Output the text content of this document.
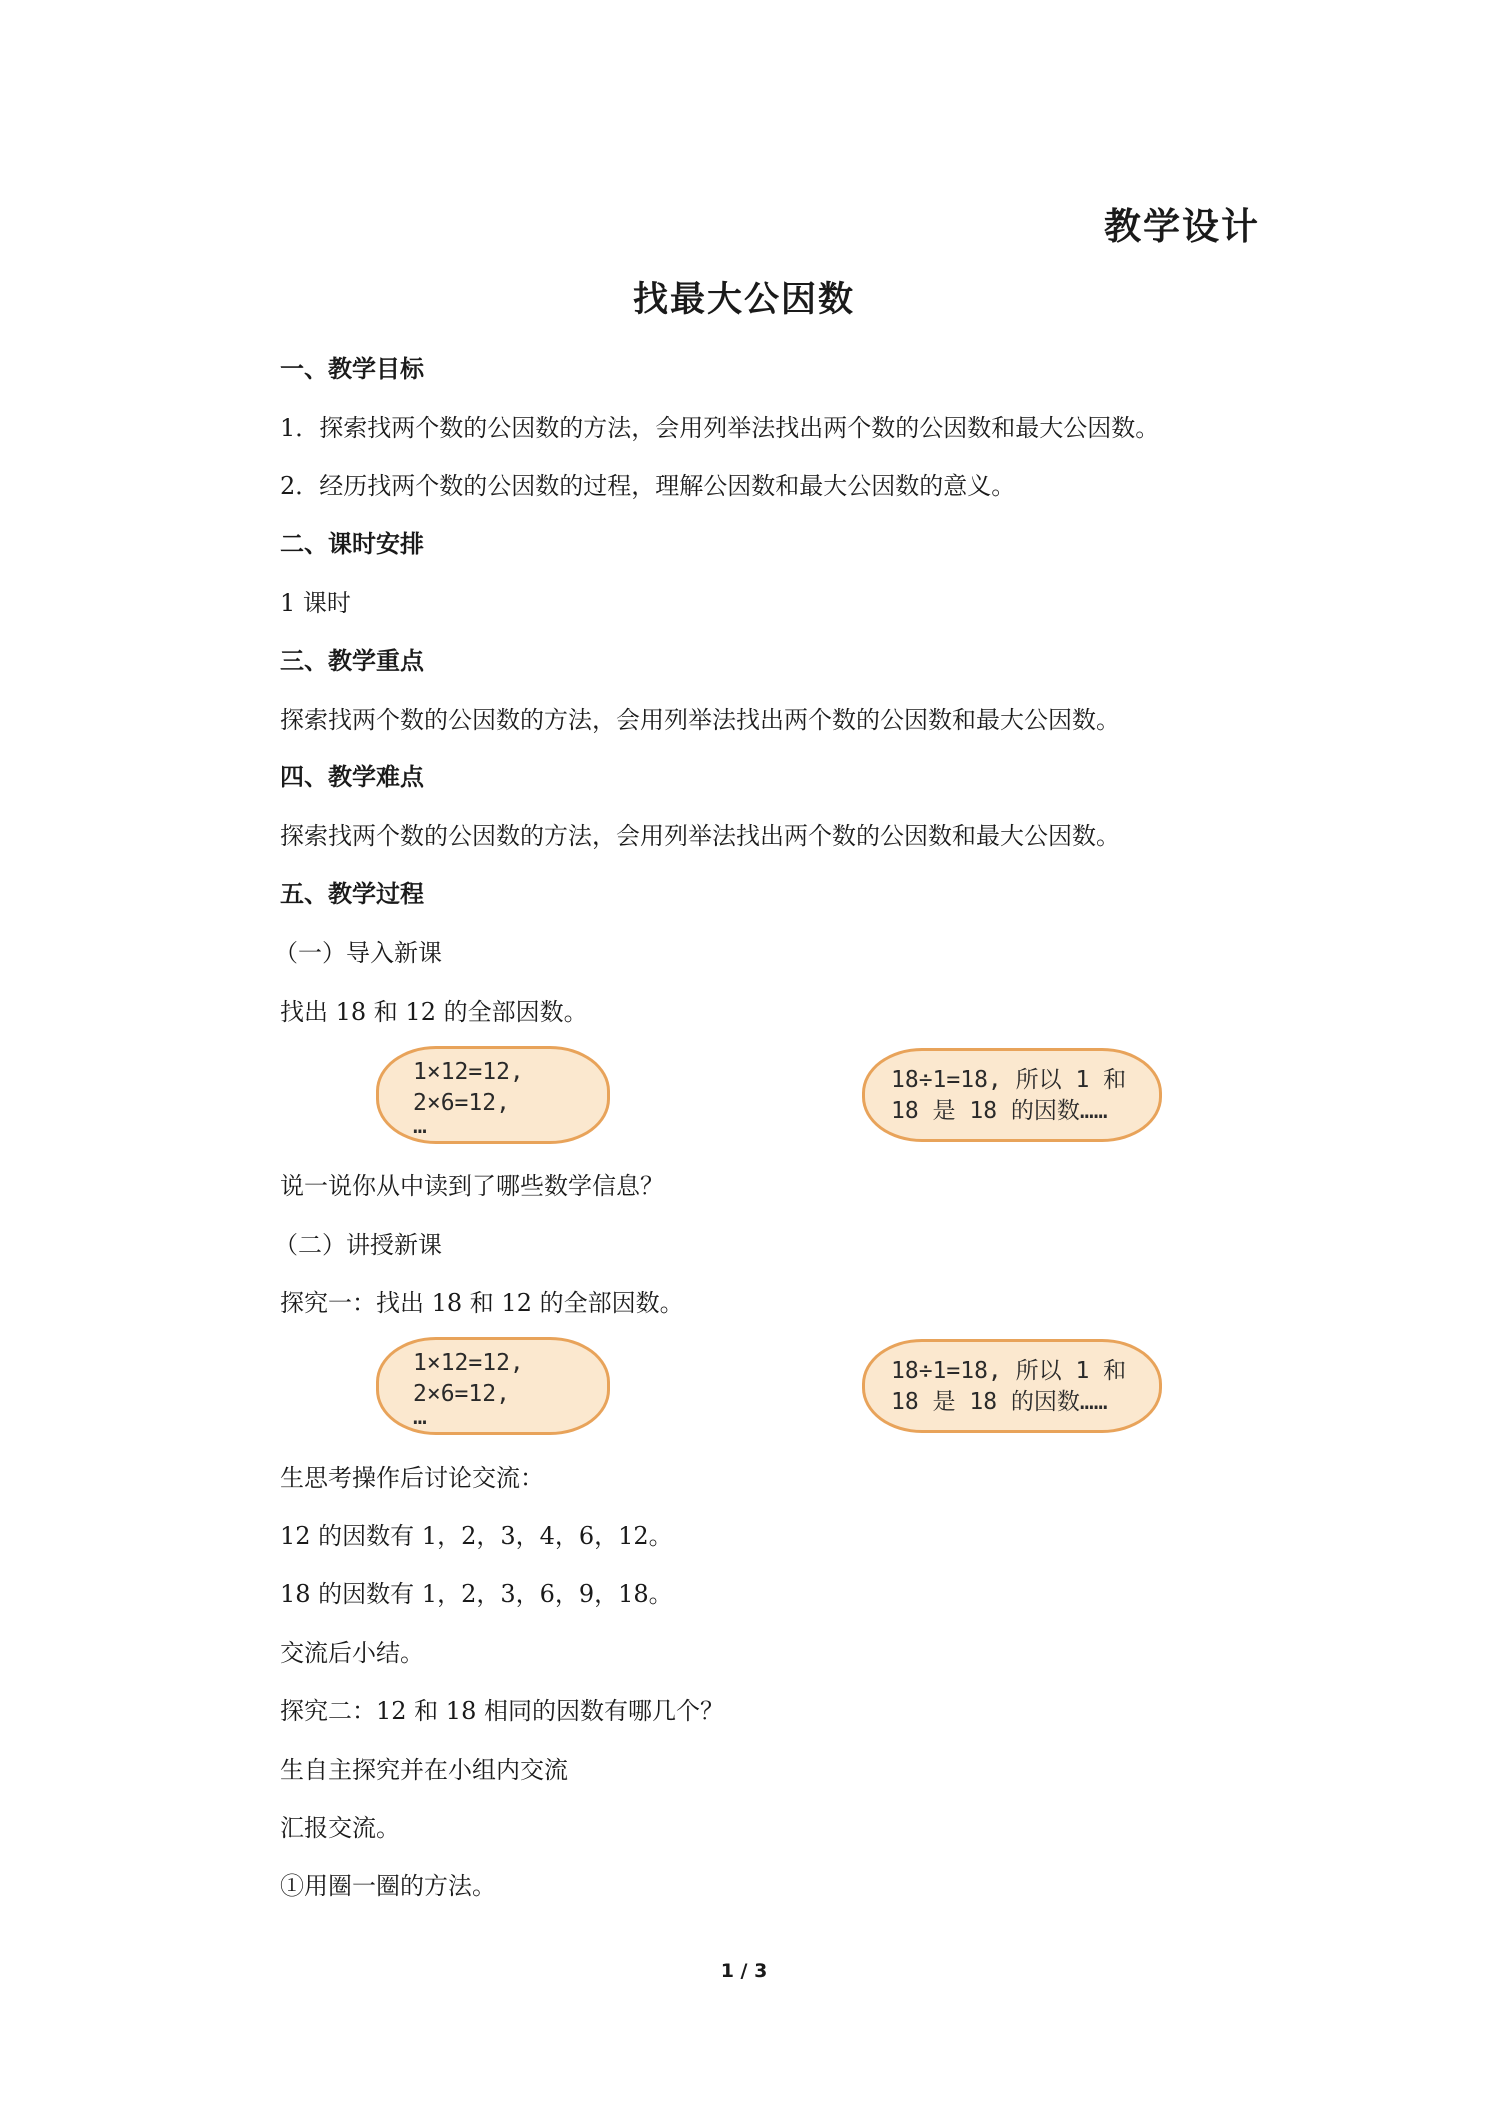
教学设计
找最大公因数
一、教学目标
1．探索找两个数的公因数的方法，会用列举法找出两个数的公因数和最大公因数。
2．经历找两个数的公因数的过程，理解公因数和最大公因数的意义。
二、课时安排
1 课时
三、教学重点
探索找两个数的公因数的方法，会用列举法找出两个数的公因数和最大公因数。
四、教学难点
探索找两个数的公因数的方法，会用列举法找出两个数的公因数和最大公因数。
五、教学过程
（一）导入新课
找出 18 和 12 的全部因数。
1×12=12,
2×6=12,
…
18÷1=18, 所以 1 和
18 是 18 的因数……
说一说你从中读到了哪些数学信息？
（二）讲授新课
探究一：找出 18 和 12 的全部因数。
1×12=12,
2×6=12,
…
18÷1=18, 所以 1 和
18 是 18 的因数……
生思考操作后讨论交流：
12 的因数有 1，2，3，4，6，12。
18 的因数有 1，2，3，6，9，18。
交流后小结。
探究二：12 和 18 相同的因数有哪几个？
生自主探究并在小组内交流
汇报交流。
①用圈一圈的方法。
1 / 3
